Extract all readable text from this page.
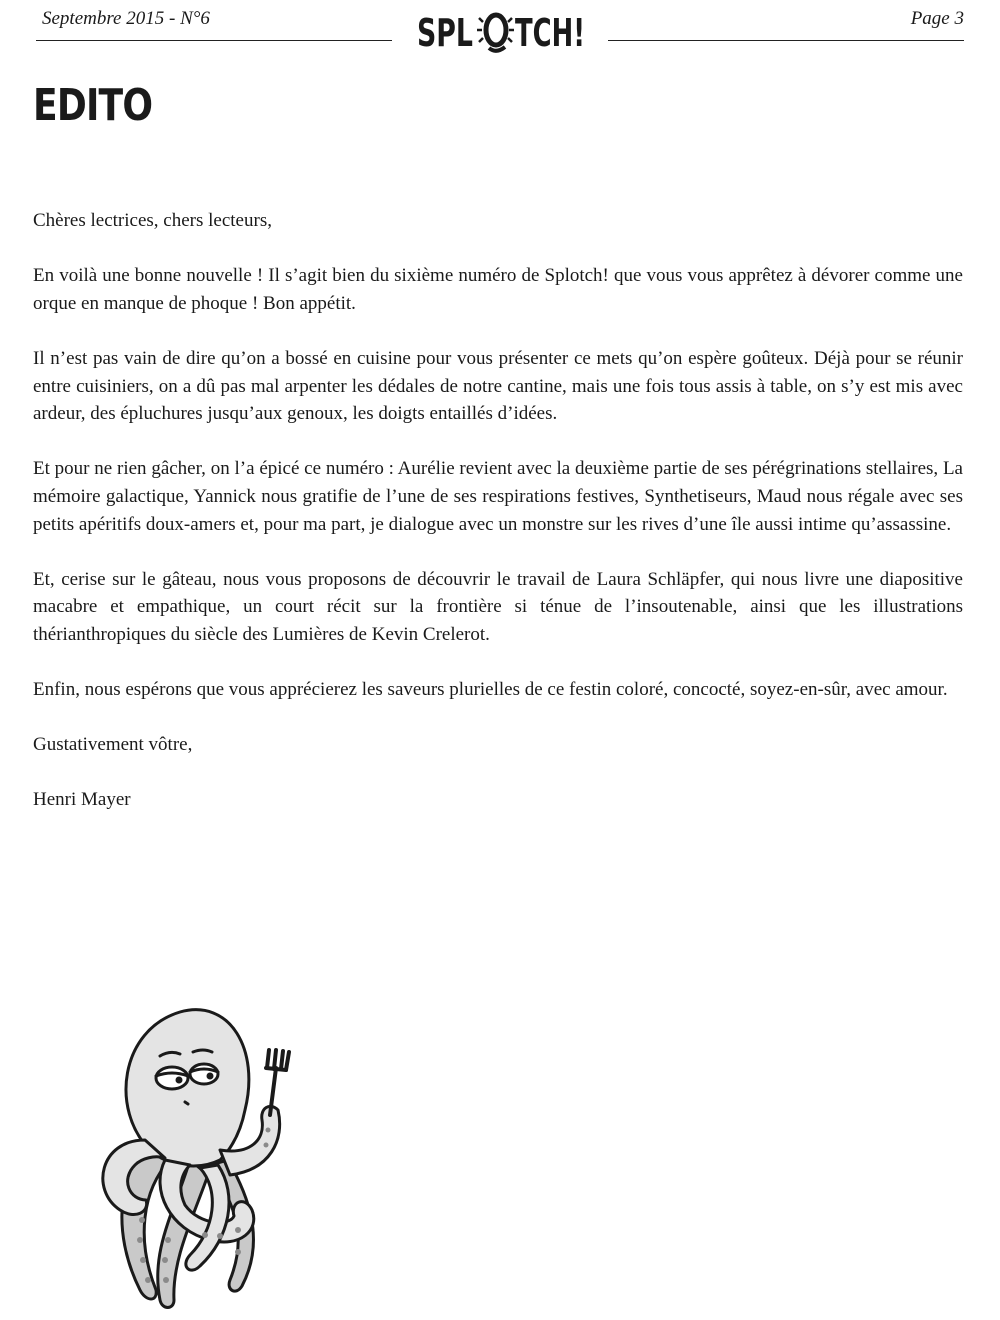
Septembre 2015 - N°6	SPL TCH!	Page 3
EDITO

Chères lectrices, chers lecteurs,

En voilà une bonne nouvelle ! Il s’agit bien du sixième numéro de Splotch! que vous vous apprêtez à dévorer comme une orque en manque de phoque ! Bon appétit.

Il n’est pas vain de dire qu’on a bossé en cuisine pour vous présenter ce mets qu’on espère goûteux. Déjà pour se réunir entre cuisiniers, on a dû pas mal arpenter les dédales de notre cantine, mais une fois tous assis à table, on s’y est mis avec ardeur, des épluchures jusqu’aux genoux, les doigts entaillés d’idées.

Et pour ne rien gâcher, on l’a épicé ce numéro : Aurélie revient avec la deuxième partie de ses pérégrinations stellaires, La mémoire galactique, Yannick nous gratifie de l’une de ses respirations festives, Synthetiseurs, Maud nous régale avec ses petits apéritifs doux-amers et, pour ma part, je dialogue avec un monstre sur les rives d’une île aussi intime qu’assassine.

Et, cerise sur le gâteau, nous vous proposons de découvrir le travail de Laura Schläpfer, qui nous livre une diapositive macabre et empathique, un court récit sur la frontière si ténue de l’insoutenable, ainsi que les illustrations thérianthropiques du siècle des Lumières de Kevin Crelerot.

Enfin, nous espérons que vous apprécierez les saveurs plurielles de ce festin coloré, concocté, soyez-en-sûr, avec amour.

Gustativement vôtre,

Henri Mayer
